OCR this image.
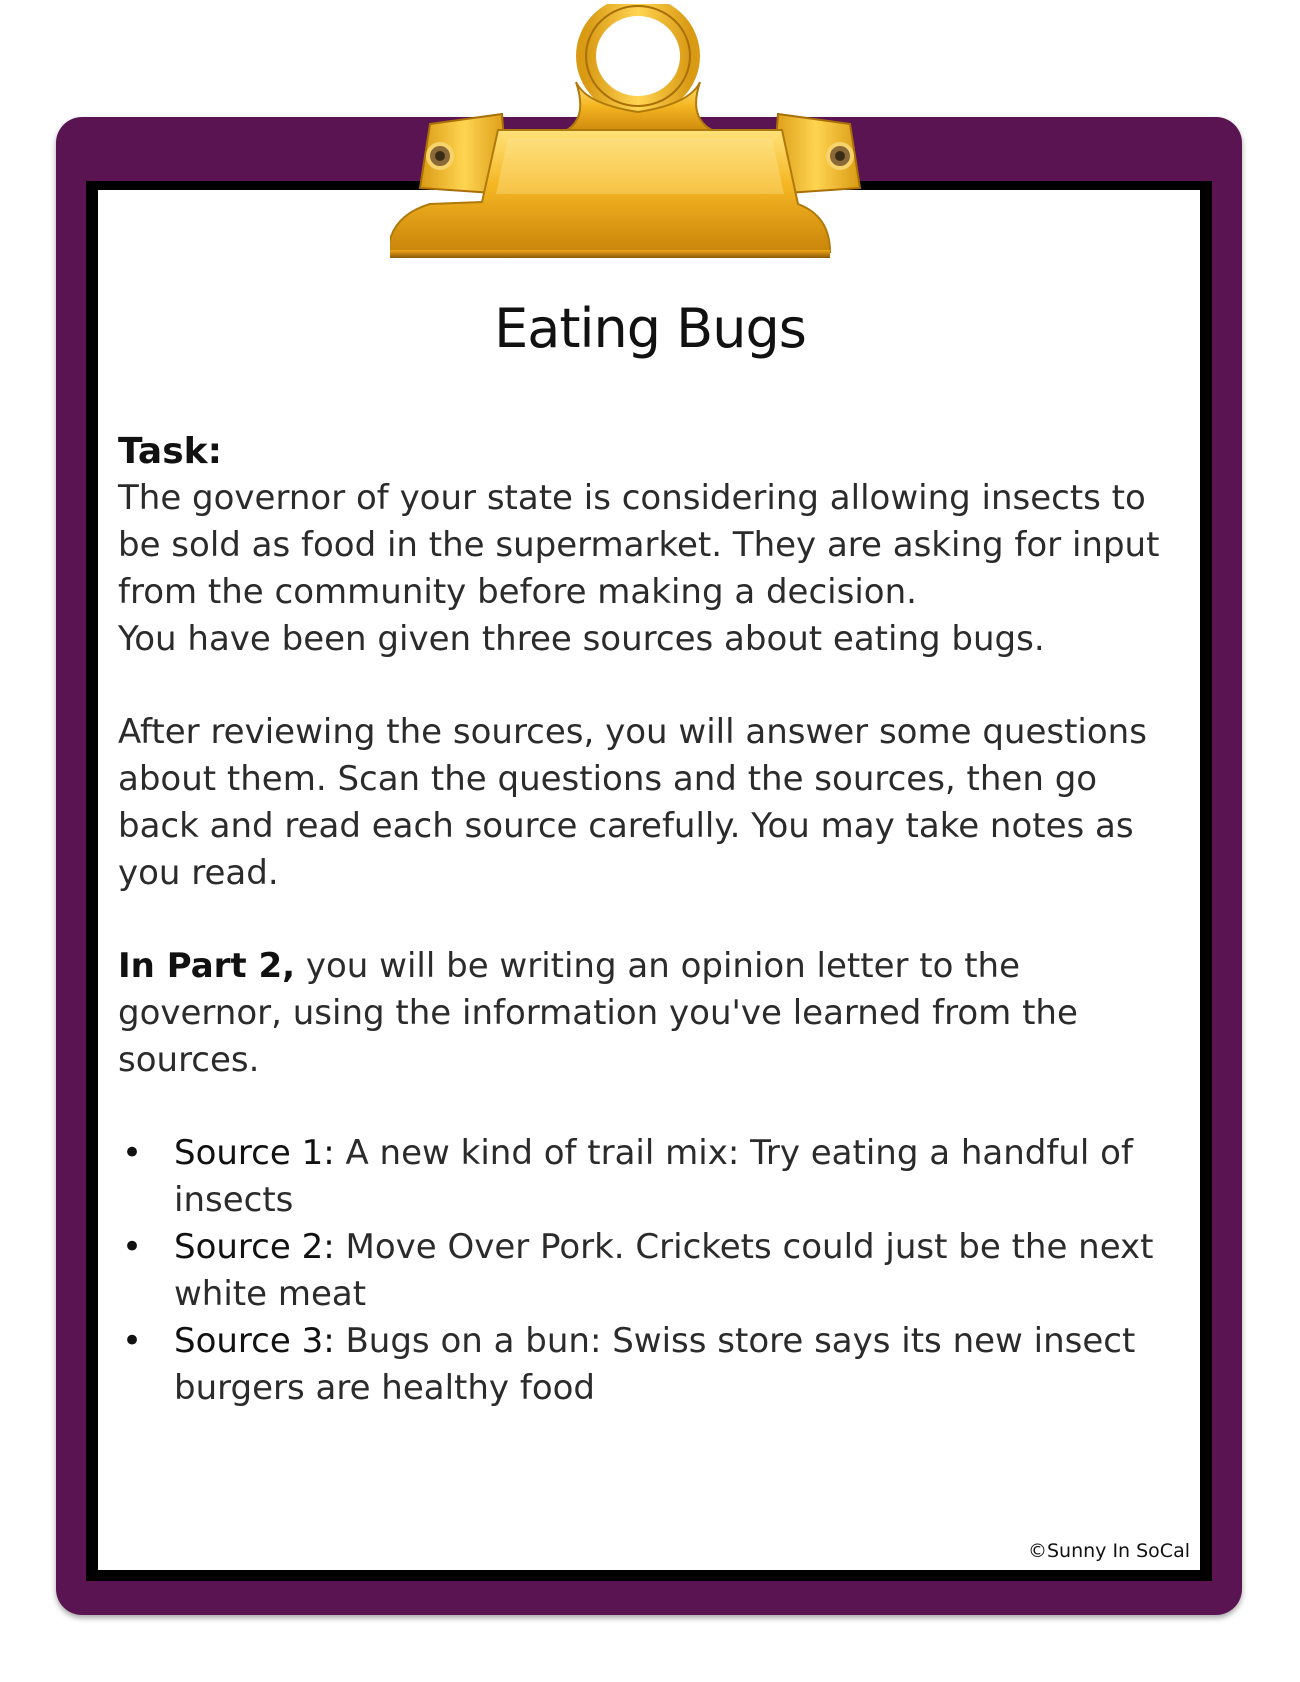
Eating Bugs
Task:

The governor of your state is considering allowing insects to be sold as food in the supermarket. They are asking for input from the community before making a decision.

You have been given three sources about eating bugs.

After reviewing the sources, you will answer some questions about them. Scan the questions and the sources, then go back and read each source carefully. You may take notes as you read.

In Part 2, you will be writing an opinion letter to the governor, using the information you've learned from the sources.

• Source 1: A new kind of trail mix: Try eating a handful of insects
• Source 2: Move Over Pork. Crickets could just be the next white meat
• Source 3: Bugs on a bun: Swiss store says its new insect burgers are healthy food
©Sunny In SoCal
